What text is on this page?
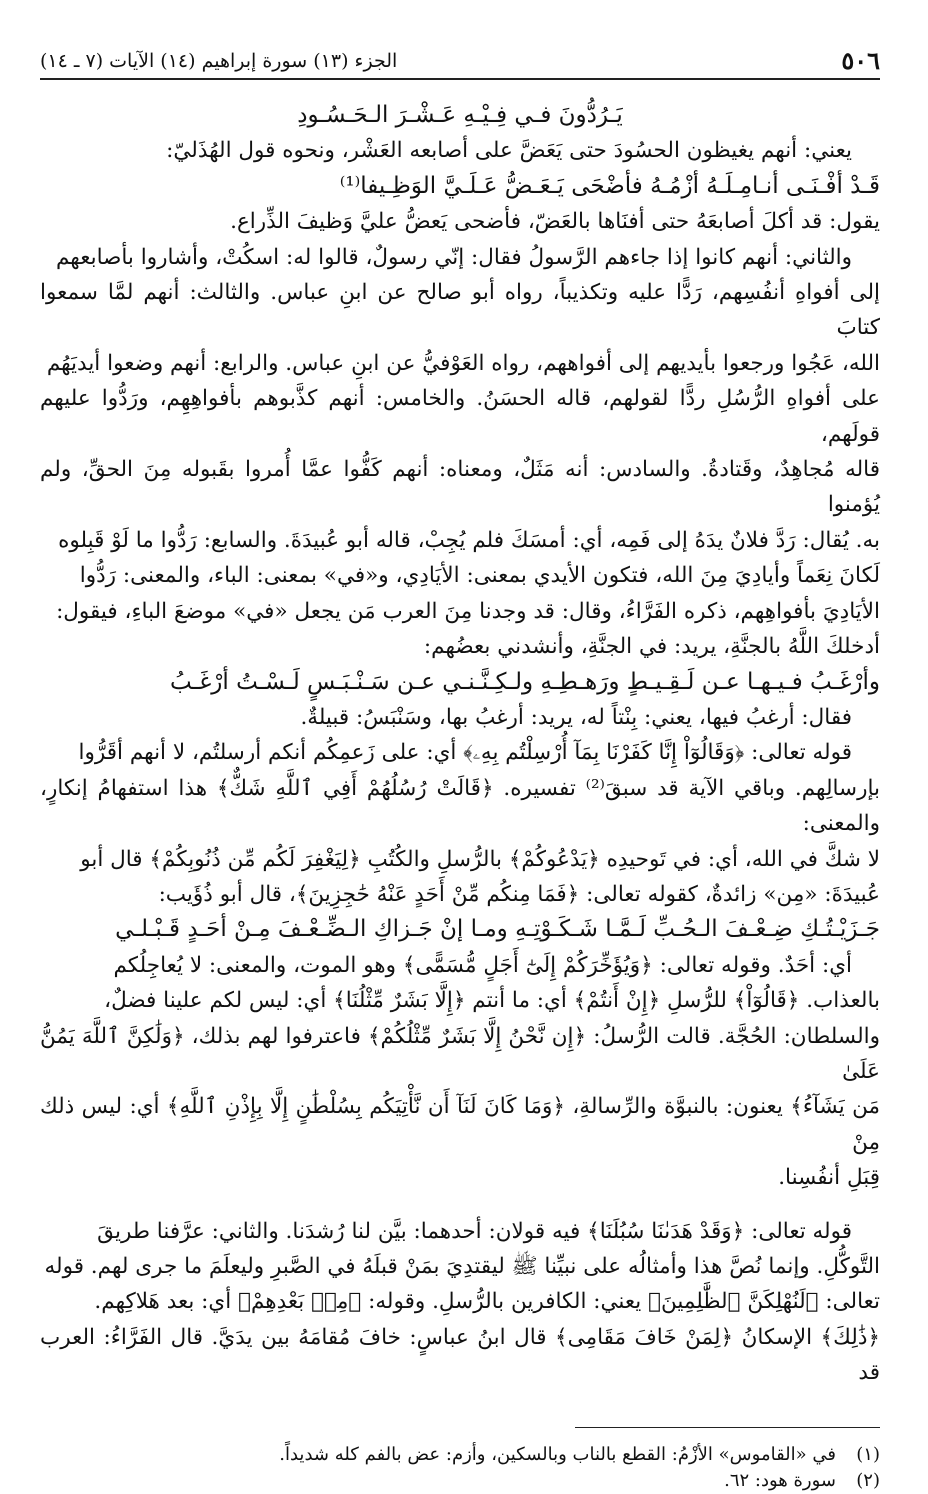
٥٠٦
الجزء (١٣) سورة إبراهيم (١٤) الآيات (٧ ـ ١٤)

يَـرُدُّونَ فـي فِـيْـهِ عَـشْـرَ الـحَـسُـودِ

يعني: أنهم يغيظون الحسُودَ حتى يَعَضَّ على أصابعه العَشْر، ونحوه قول الهُذَليّ:

قَـدْ أفْـنَـى أنـامِـلَـهُ أزْمُـهُ فأضْحَى يَـعَـضُّ عَـلَـيَّ الوَظِـيفا⁽¹⁾

يقول: قد أكلَ أصابعَهُ حتى أفنَاها بالعَضّ، فأضحى يَعضُّ عليَّ وَظيفَ الذِّراع.

والثاني: أنهم كانوا إذا جاءهم الرَّسولُ فقال: إنّي رسولٌ، قالوا له: اسكُتْ، وأشاروا بأصابعهم

إلى أفواهِ أنفُسِهم، رَدًّا عليه وتكذيباً، رواه أبو صالح عن ابنِ عباس. والثالث: أنهم لمَّا سمعوا كتابَ

الله، عَجُوا ورجعوا بأيديهم إلى أفواههم، رواه العَوْفيُّ عن ابنِ عباس. والرابع: أنهم وضعوا أيديَهُم

على أفواهِ الرُّسُلِ ردًّا لقولهم، قاله الحسَنُ. والخامس: أنهم كذَّبوهم بأفواهِهِم، ورَدُّوا عليهم قولَهم،

قاله مُجاهِدٌ، وقَتادةُ. والسادس: أنه مَثَلٌ، ومعناه: أنهم كَفُّوا عمَّا أُمروا بقَبوله مِنَ الحقِّ، ولم يُؤمنوا

به. يُقال: رَدَّ فلانٌ يدَهُ إلى فَمِه، أي: أمسَكَ فلم يُجِبْ، قاله أبو عُبيدَةَ. والسابع: رَدُّوا ما لَوْ قَبِلوه

لَكانَ نِعَماً وأيادِيَ مِنَ الله، فتكون الأيدي بمعنى: الأيَادِي، و«في» بمعنى: الباء، والمعنى: رَدُّوا

الأيَادِيَ بأفواهِهم، ذكره الفَرَّاءُ، وقال: قد وجدنا مِنَ العرب مَن يجعل «في» موضعَ الباءِ، فيقول:

أدخلكَ اللَّهُ بالجنَّةِ، يريد: في الجنَّةِ، وأنشدني بعضُهم:

وأرْغَـبُ فـيـهـا عـن لَـقِـيـطٍ ورَهـطِـهِ ولـكِـنَّـنـي عـن سَـنْـبَـسٍ لَـسْـتُ أرْغَـبُ

فقال: أرغبُ فيها، يعني: بِنْتاً له، يريد: أرغبُ بها، وسَنْبَسُ: قبيلةٌ.

قوله تعالى: ﴿وَقَالُوٓاْ إِنَّا كَفَرْنَا بِمَآ أُرْسِلْتُم بِهِۦ﴾ أي: على زَعمِكُم أنكم أرسلتُم، لا أنهم أقَرُّوا

بإرسالِهم. وباقي الآية قد سبقَ⁽²⁾ تفسيره. ﴿قَالَتْ رُسُلُهُمْ أَفِي ٱللَّهِ شَكٌّ﴾ هذا استفهامُ إنكارٍ، والمعنى:

لا شكَّ في الله، أي: في تَوحيدِه ﴿يَدْعُوكُمْ﴾ بالرُّسلِ والكُتُبِ ﴿لِيَغْفِرَ لَكُم مِّن ذُنُوبِكُمْ﴾ قال أبو

عُبيدَةَ: «مِن» زائدةٌ، كقوله تعالى: ﴿فَمَا مِنكُم مِّنْ أَحَدٍ عَنْهُ حَٰجِزِينَ﴾، قال أبو ذُؤَيب:

جَـزَيْـتُـكِ ضِـعْـفَ الـحُـبِّ لَـمَّـا شَـكَـوْتِـهِ ومـا إنْ جَـزاكِ الـضِّـعْـفَ مِـنْ أحَـدٍ قَـبْـلـي

أي: أحَدٌ. وقوله تعالى: ﴿وَيُؤَخِّرَكُمْ إِلَىٰٓ أَجَلٍ مُّسَمًّى﴾ وهو الموت، والمعنى: لا يُعاجِلُكم

بالعذاب. ﴿قَالُوٓاْ﴾ للرُّسلِ ﴿إِنْ أَنتُمْ﴾ أي: ما أنتم ﴿إِلَّا بَشَرٌ مِّثْلُنَا﴾ أي: ليس لكم علينا فضلٌ،

والسلطان: الحُجَّة. قالت الرُّسلُ: ﴿إِن نَّحْنُ إِلَّا بَشَرٌ مِّثْلُكُمْ﴾ فاعترفوا لهم بذلك، ﴿وَلَٰكِنَّ ٱللَّهَ يَمُنُّ عَلَىٰ

مَن يَشَآءُ﴾ يعنون: بالنبوَّة والرِّسالةِ، ﴿وَمَا كَانَ لَنَآ أَن نَّأْتِيَكُم بِسُلْطَٰنٍ إِلَّا بِإِذْنِ ٱللَّهِ﴾ أي: ليس ذلك مِنْ

قِبَلِ أنفُسِنا.

قوله تعالى: ﴿وَقَدْ هَدَىٰنَا سُبُلَنَا﴾ فيه قولان: أحدهما: بيَّن لنا رُشدَنا. والثاني: عرَّفنا طريقَ

التَّوكُّلِ. وإنما نُصَّ هذا وأمثالُه على نبيِّنا ﷺ ليقتدِيَ بمَنْ قبلَهُ في الصَّبرِ وليعلَمَ ما جرى لهم. قوله

تعالى: ﴿لَنُهْلِكَنَّ ٱلظَّٰلِمِينَ﴾ يعني: الكافرين بالرُّسلِ. وقوله: ﴿مِنۢ بَعْدِهِمْ﴾ أي: بعد هَلاكِهم.

﴿ذَٰلِكَ﴾ الإسكانُ ﴿لِمَنْ خَافَ مَقَامِى﴾ قال ابنُ عباسٍ: خافَ مُقامَهُ بين يدَيَّ. قال الفَرَّاءُ: العرب قد

(١)
في «القاموس» الأزْمُ: القطع بالناب وبالسكين، وأزم: عض بالفم كله شديداً.
(٢)
سورة هود: ٦٢.
